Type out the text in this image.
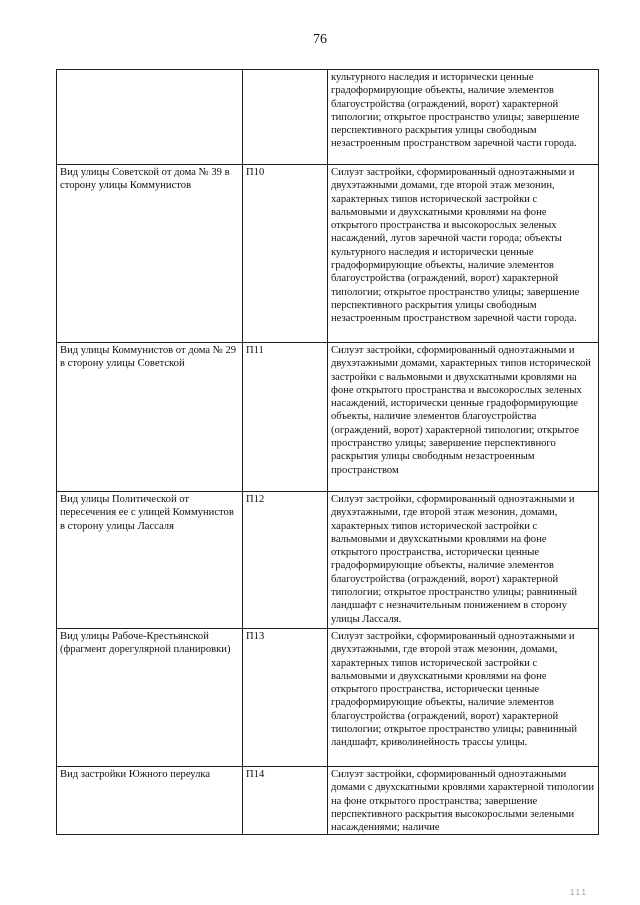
76
		культурного наследия и исторически ценные градоформирующие объекты, наличие элементов благоустройства (ограждений, ворот) характерной типологии; открытое пространство улицы; завершение перспективного раскрытия улицы свободным незастроенным пространством заречной части города.
Вид улицы Советской от дома № 39 в сторону улицы Коммунистов	П10	Силуэт застройки, сформированный одноэтажными и двухэтажными домами, где второй этаж мезонин, характерных типов исторической застройки с вальмовыми и двухскатными кровлями на фоне открытого пространства и высокорослых зеленых насаждений, лугов заречной части города; объекты культурного наследия и исторически ценные градоформирующие объекты, наличие элементов благоустройства (ограждений, ворот) характерной типологии; открытое пространство улицы; завершение перспективного раскрытия улицы свободным незастроенным пространством заречной части города.
Вид улицы Коммунистов от дома № 29 в сторону улицы Советской	П11	Силуэт застройки, сформированный одноэтажными и двухэтажными домами, характерных типов исторической застройки с вальмовыми и двухскатными кровлями на фоне открытого пространства и высокорослых зеленых насаждений, исторически ценные градоформирующие объекты, наличие элементов благоустройства (ограждений, ворот) характерной типологии; открытое пространство улицы; завершение перспективного раскрытия улицы свободным незастроенным пространством
Вид улицы Политической от пересечения ее с улицей Коммунистов в сторону улицы Лассаля	П12	Силуэт застройки, сформированный одноэтажными и двухэтажными, где второй этаж мезонин, домами, характерных типов исторической застройки с вальмовыми и двухскатными кровлями на фоне открытого пространства, исторически ценные градоформирующие объекты, наличие элементов благоустройства (ограждений, ворот) характерной типологии; открытое пространство улицы; равнинный ландшафт с незначительным понижением в сторону улицы Лассаля.
Вид улицы Рабоче-Крестьянской (фрагмент дорегулярной планировки)	П13	Силуэт застройки, сформированный одноэтажными и двухэтажными, где второй этаж мезонин, домами, характерных типов исторической застройки с вальмовыми и двухскатными кровлями на фоне открытого пространства, исторически ценные градоформирующие объекты, наличие элементов благоустройства (ограждений, ворот) характерной типологии; открытое пространство улицы; равнинный ландшафт, криволинейность трассы улицы.
Вид застройки Южного переулка	П14	Силуэт застройки, сформированный одноэтажными домами с двухскатными кровлями характерной типологии на фоне открытого пространства; завершение перспективного раскрытия высокорослыми зелеными насаждениями; наличие
111
